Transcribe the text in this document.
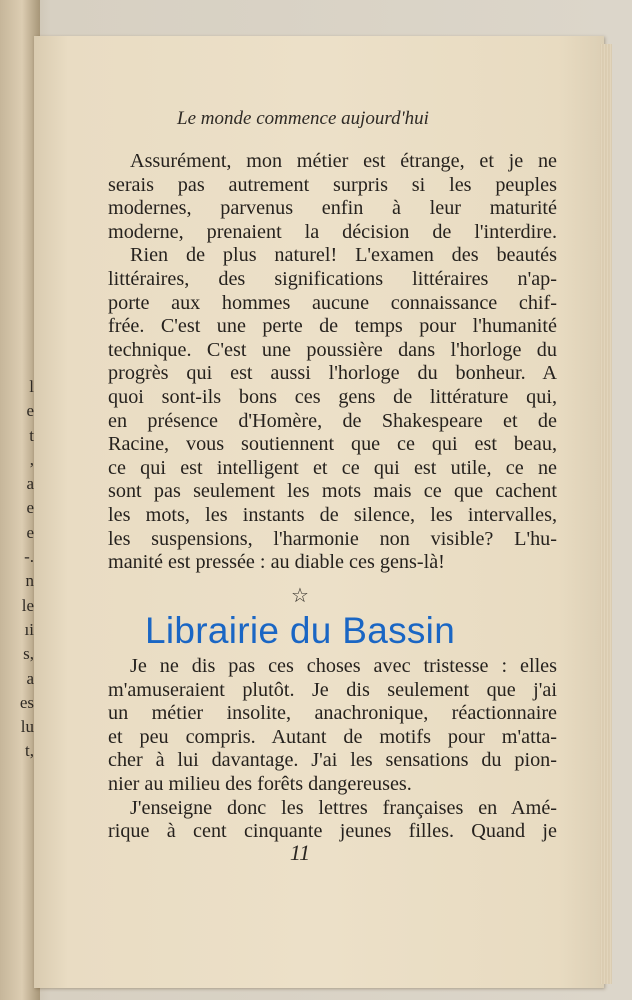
l
e
t
,
a
e
e
-.
n
le
ıi
s,
a
es
lu
t,
Le monde commence aujourd'hui
Assurément, mon métier est étrange, et je ne
serais pas autrement surpris si les peuples
modernes, parvenus enfin à leur maturité
moderne, prenaient la décision de l'interdire.
Rien de plus naturel! L'examen des beautés
littéraires, des significations littéraires n'ap-
porte aux hommes aucune connaissance chif-
frée. C'est une perte de temps pour l'humanité
technique. C'est une poussière dans l'horloge du
progrès qui est aussi l'horloge du bonheur. A
quoi sont-ils bons ces gens de littérature qui,
en présence d'Homère, de Shakespeare et de
Racine, vous soutiennent que ce qui est beau,
ce qui est intelligent et ce qui est utile, ce ne
sont pas seulement les mots mais ce que cachent
les mots, les instants de silence, les intervalles,
les suspensions, l'harmonie non visible? L'hu-
manité est pressée : au diable ces gens-là!
☆
Librairie du Bassin
Je ne dis pas ces choses avec tristesse : elles
m'amuseraient plutôt. Je dis seulement que j'ai
un métier insolite, anachronique, réactionnaire
et peu compris. Autant de motifs pour m'atta-
cher à lui davantage. J'ai les sensations du pion-
nier au milieu des forêts dangereuses.
J'enseigne donc les lettres françaises en Amé-
rique à cent cinquante jeunes filles. Quand je
11
